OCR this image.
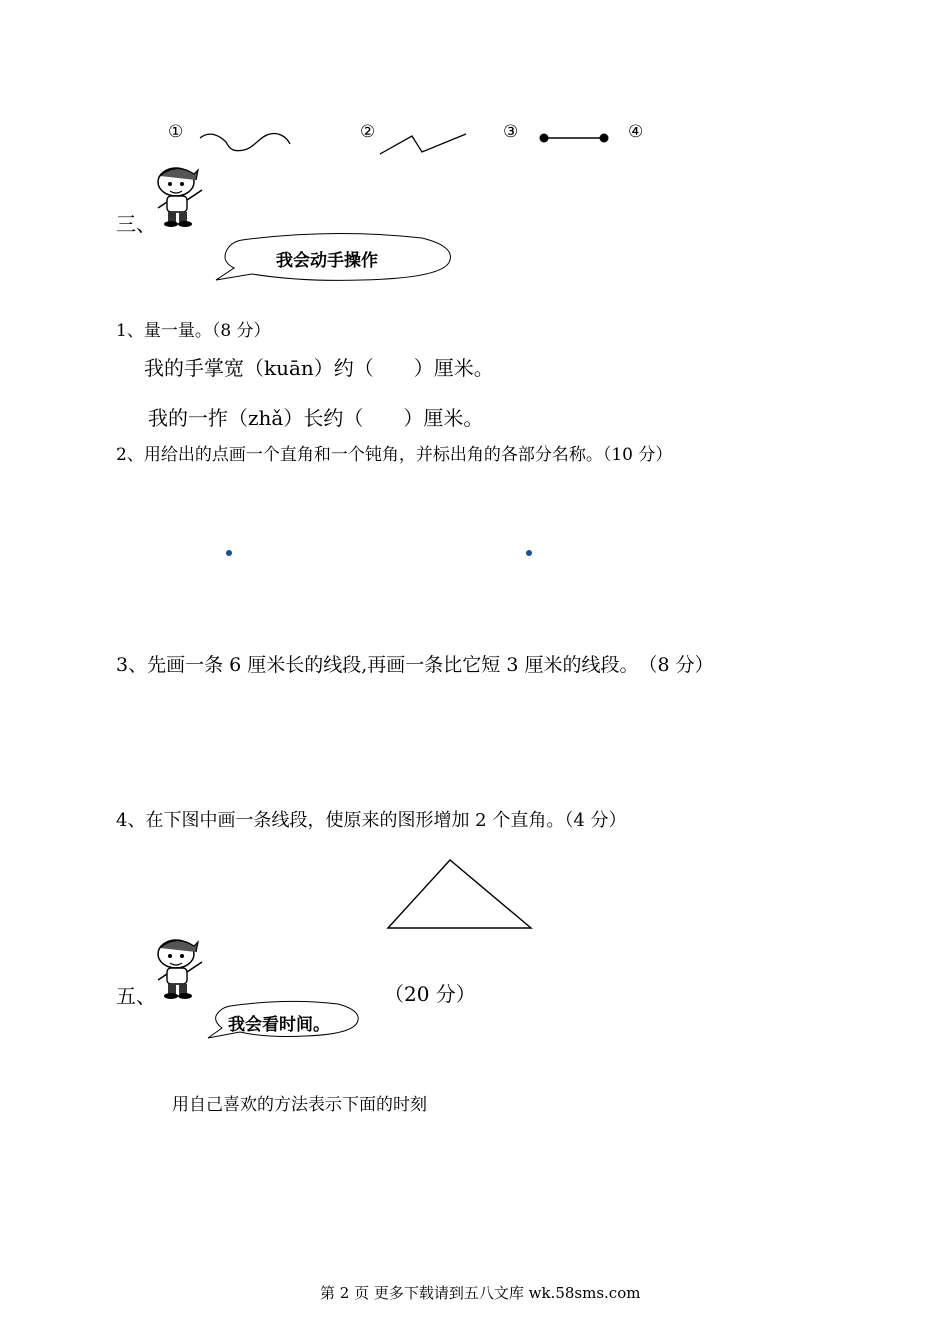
①	②	③	④
三、
我会动手操作
1、量一量。（8 分）
我的手掌宽（kuān）约（　　）厘米。
我的一拃（zhǎ）长约（　　）厘米。
2、用给出的点画一个直角和一个钝角，并标出角的各部分名称。（10 分）
3、先画一条 6 厘米长的线段,再画一条比它短 3 厘米的线段。　（8 分）
4、在下图中画一条线段，使原来的图形增加 2 个直角。（4 分）
五、	（20 分）
我会看时间。
用自己喜欢的方法表示下面的时刻
第 2 页 更多下载请到五八文库 wk.58sms.com
